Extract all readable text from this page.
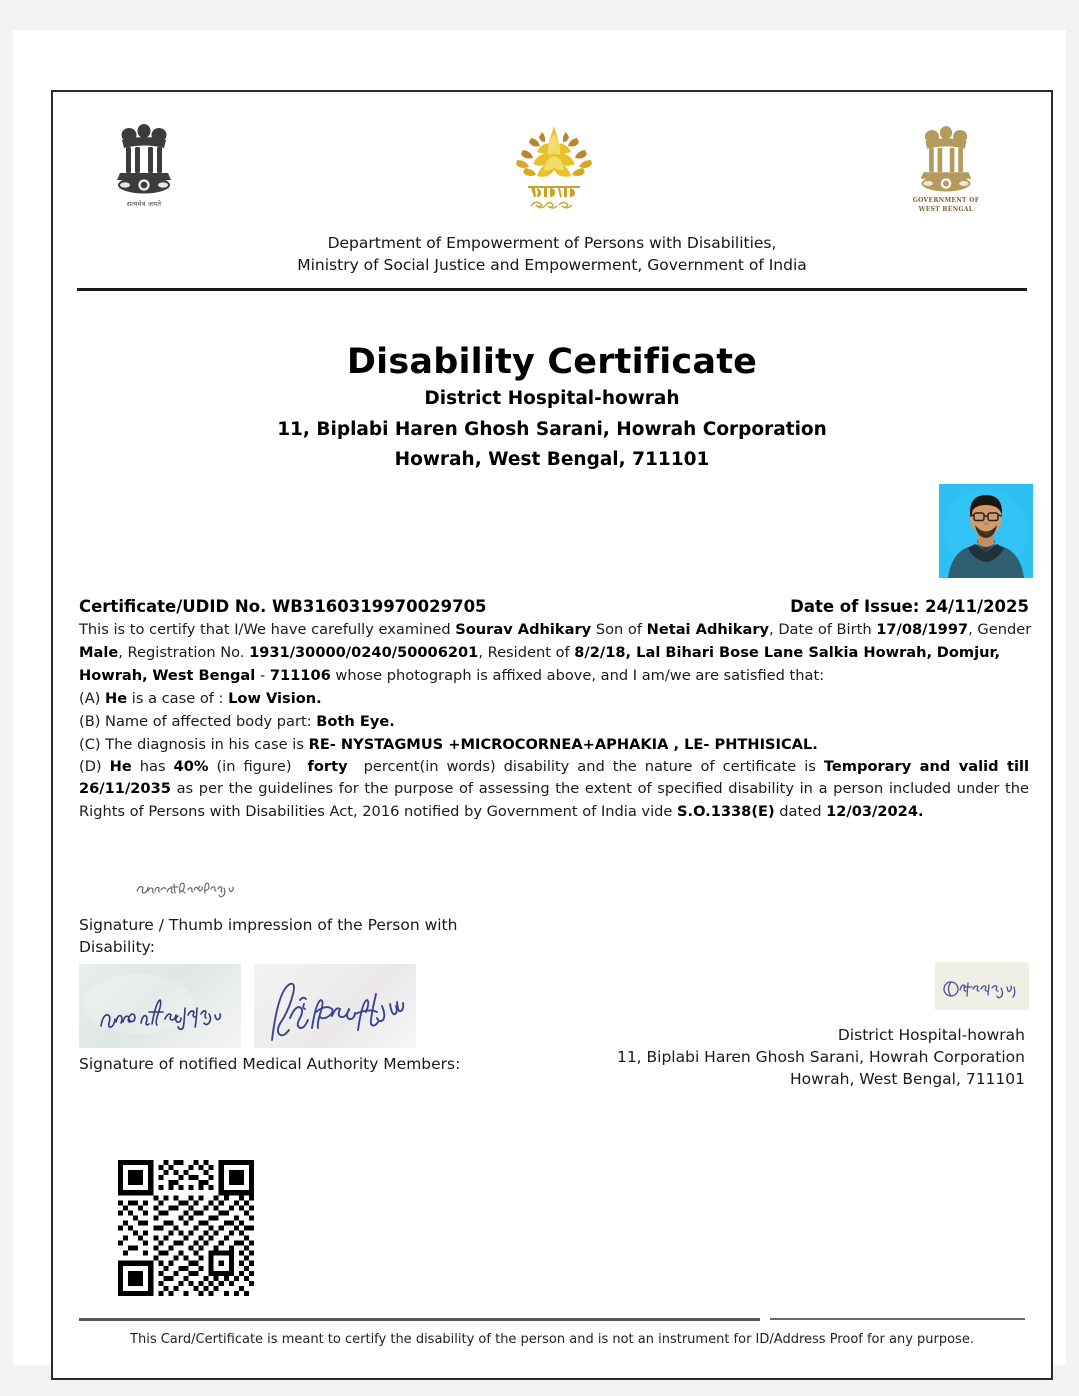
सत्यमेव जयते	GOVERNMENT OF
WEST BENGAL
Department of Empowerment of Persons with Disabilities,
Ministry of Social Justice and Empowerment, Government of India
Disability Certificate
District Hospital-howrah
11, Biplabi Haren Ghosh Sarani, Howrah Corporation
Howrah, West Bengal, 711101
Certificate/UDID No. WB3160319970029705	Date of Issue: 24/11/2025
This is to certify that I/We have carefully examined Sourav Adhikary Son of Netai Adhikary, Date of Birth 17/08/1997, Gender
Male, Registration No. 1931/30000/0240/50006201, Resident of 8/2/18, Lal Bihari Bose Lane Salkia Howrah, Domjur,
Howrah, West Bengal - 711106 whose photograph is affixed above, and I am/we are satisfied that:
(A) He is a case of : Low Vision.
(B) Name of affected body part: Both Eye.
(C) The diagnosis in his case is RE- NYSTAGMUS +MICROCORNEA+APHAKIA , LE- PHTHISICAL.
(D) He has 40% (in figure) forty percent(in words) disability and the nature of certificate is Temporary and valid till 26/11/2035 as per the guidelines for the purpose of assessing the extent of specified disability in a person included under the Rights of Persons with Disabilities Act, 2016 notified by Government of India vide S.O.1338(E) dated 12/03/2024.
Signature / Thumb impression of the Person with
Disability:

Signature of notified Medical Authority Members:
District Hospital-howrah
11, Biplabi Haren Ghosh Sarani, Howrah Corporation
Howrah, West Bengal, 711101
This Card/Certificate is meant to certify the disability of the person and is not an instrument for ID/Address Proof for any purpose.
